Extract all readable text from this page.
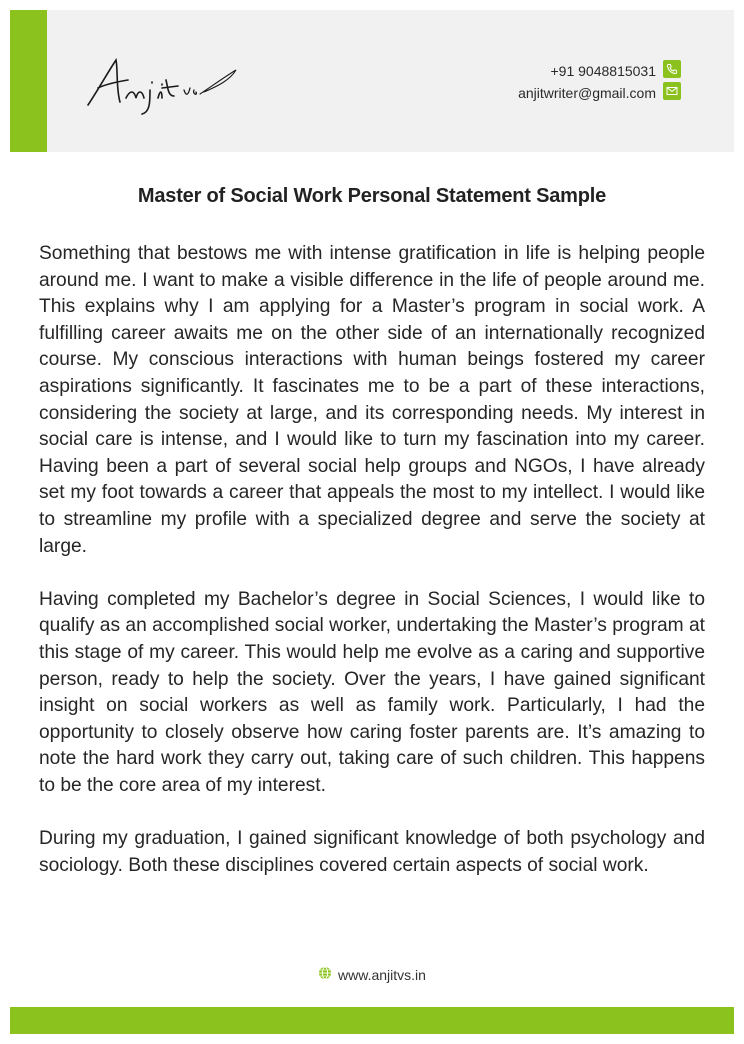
+91 9048815031
anjitwriter@gmail.com
Master of Social Work Personal Statement Sample

Something that bestows me with intense gratification in life is helping people around me. I want to make a visible difference in the life of people around me. This explains why I am applying for a Master’s program in social work. A fulfilling career awaits me on the other side of an internationally recognized course. My conscious interactions with human beings fostered my career aspirations significantly. It fascinates me to be a part of these interactions, considering the society at large, and its corresponding needs. My interest in social care is intense, and I would like to turn my fascination into my career. Having been a part of several social help groups and NGOs, I have already set my foot towards a career that appeals the most to my intellect. I would like to streamline my profile with a specialized degree and serve the society at large.

Having completed my Bachelor’s degree in Social Sciences, I would like to qualify as an accomplished social worker, undertaking the Master’s program at this stage of my career. This would help me evolve as a caring and supportive person, ready to help the society. Over the years, I have gained significant insight on social workers as well as family work. Particularly, I had the opportunity to closely observe how caring foster parents are. It’s amazing to note the hard work they carry out, taking care of such children. This happens to be the core area of my interest.

During my graduation, I gained significant knowledge of both psychology and sociology. Both these disciplines covered certain aspects of social work.

www.anjitvs.in
